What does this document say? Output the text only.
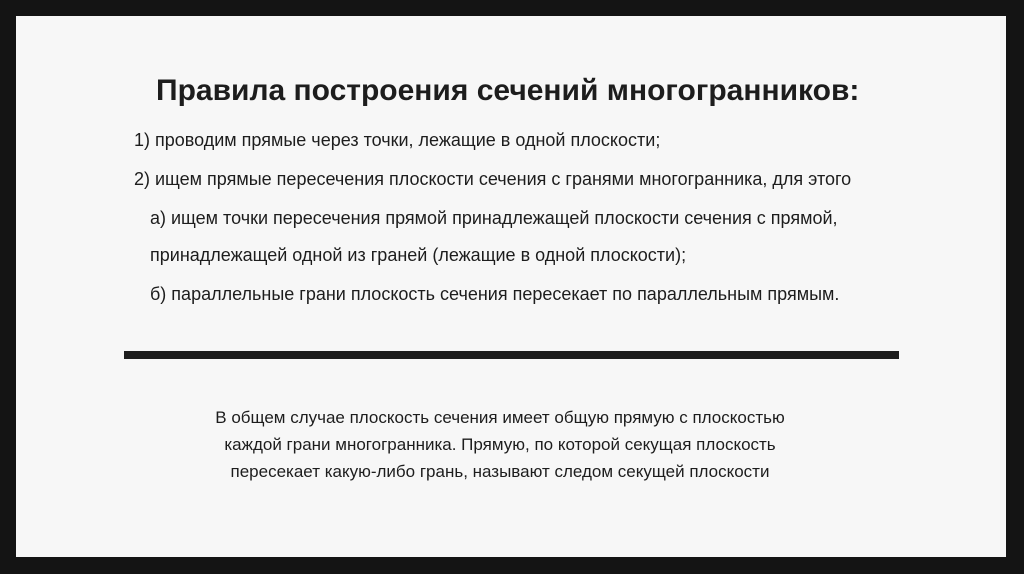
Правила построения сечений многогранников:
1) проводим прямые через точки, лежащие в одной плоскости;
2) ищем прямые пересечения плоскости сечения с гранями многогранника, для этого
а) ищем точки пересечения прямой принадлежащей плоскости сечения с прямой,
принадлежащей одной из граней (лежащие в одной плоскости);
б) параллельные грани плоскость сечения пересекает по параллельным прямым.
В общем случае плоскость сечения имеет общую прямую с плоскостью
каждой грани многогранника. Прямую, по которой секущая плоскость
пересекает какую-либо грань, называют следом секущей плоскости
